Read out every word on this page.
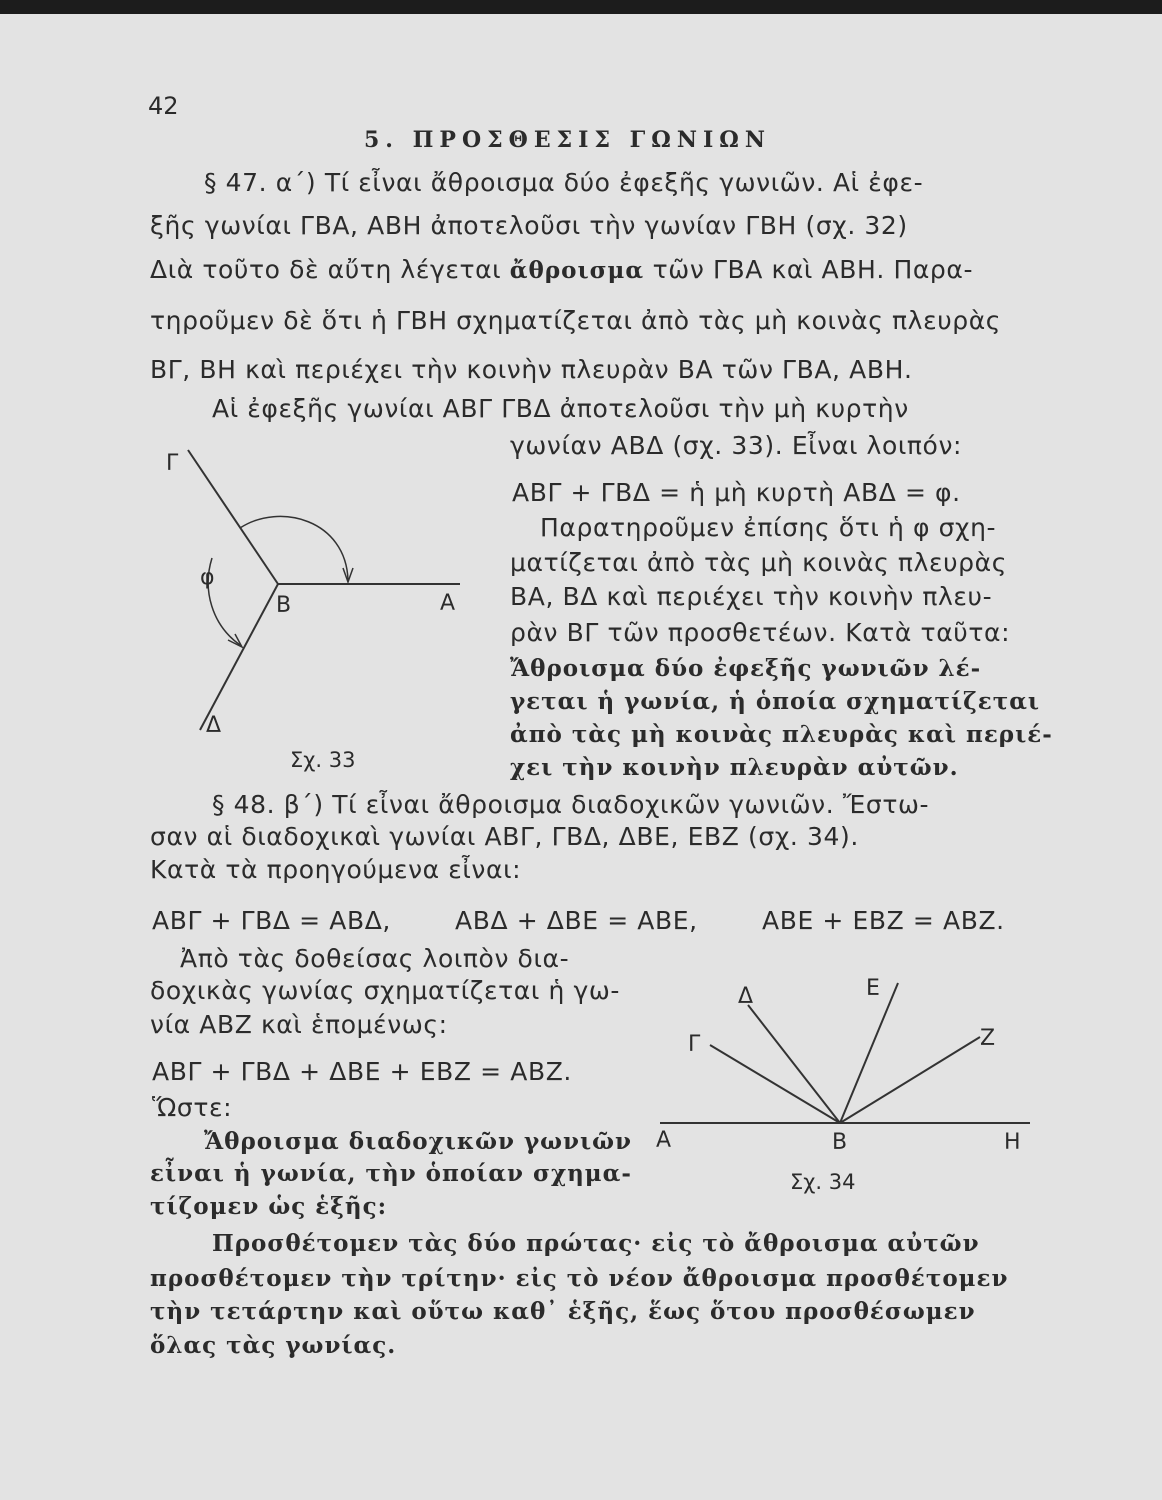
42
5. ΠΡΟΣΘΕΣΙΣ ΓΩΝΙΩΝ
§ 47. α΄) Τί εἶναι ἄθροισμα δύο ἐφεξῆς γωνιῶν. Αἱ ἐφε-
ξῆς γωνίαι ΓΒΑ, ΑΒΗ ἀποτελοῦσι τὴν γωνίαν ΓΒΗ (σχ. 32)
Διὰ τοῦτο δὲ αὔτη λέγεται ἄθροισμα τῶν ΓΒΑ καὶ ΑΒΗ. Παρα-
τηροῦμεν δὲ ὅτι ἡ ΓΒΗ σχηματίζεται ἀπὸ τὰς μὴ κοινὰς πλευρὰς
ΒΓ, ΒΗ καὶ περιέχει τὴν κοινὴν πλευρὰν ΒΑ τῶν ΓΒΑ, ΑΒΗ.
Αἱ ἐφεξῆς γωνίαι ΑΒΓ ΓΒΔ ἀποτελοῦσι τὴν μὴ κυρτὴν
γωνίαν ΑΒΔ (σχ. 33). Εἶναι λοιπόν:
ΑΒΓ + ΓΒΔ = ἡ μὴ κυρτὴ ΑΒΔ = φ.
Παρατηροῦμεν ἐπίσης ὅτι ἡ φ σχη-
ματίζεται ἀπὸ τὰς μὴ κοινὰς πλευρὰς
ΒΑ, ΒΔ καὶ περιέχει τὴν κοινὴν πλευ-
ρὰν ΒΓ τῶν προσθετέων. Κατὰ ταῦτα:
Ἄθροισμα δύο ἐφεξῆς γωνιῶν λέ-
γεται ἡ γωνία, ἡ ὁποία σχηματίζεται
ἀπὸ τὰς μὴ κοινὰς πλευρὰς καὶ περιέ-
χει τὴν κοινὴν πλευρὰν αὐτῶν.
Γ
φ
Β	Α
Δ
Σχ. 33
§ 48. β΄) Τί εἶναι ἄθροισμα διαδοχικῶν γωνιῶν. Ἔστω-
σαν αἱ διαδοχικαὶ γωνίαι ΑΒΓ, ΓΒΔ, ΔΒΕ, ΕΒΖ (σχ. 34).
Κατὰ τὰ προηγούμενα εἶναι:
ΑΒΓ + ΓΒΔ = ΑΒΔ,	ΑΒΔ + ΔΒΕ = ΑΒΕ,	ΑΒΕ + ΕΒΖ = ΑΒΖ.
Ἀπὸ τὰς δοθείσας λοιπὸν δια-
δοχικὰς γωνίας σχηματίζεται ἡ γω-
νία ΑΒΖ καὶ ἑπομένως:
ΑΒΓ + ΓΒΔ + ΔΒΕ + ΕΒΖ = ΑΒΖ.
Ὥστε:
Ἄθροισμα διαδοχικῶν γωνιῶν
εἶναι ἡ γωνία, τὴν ὁποίαν σχημα-
τίζομεν ὡς ἑξῆς:
Προσθέτομεν τὰς δύο πρώτας· εἰς τὸ ἄθροισμα αὐτῶν
προσθέτομεν τὴν τρίτην· εἰς τὸ νέον ἄθροισμα προσθέτομεν
τὴν τετάρτην καὶ οὕτω καθ᾽ ἑξῆς, ἕως ὅτου προσθέσωμεν
ὅλας τὰς γωνίας.
Δ	Ε
Γ	Ζ
Α	Β	Η
Σχ. 34
